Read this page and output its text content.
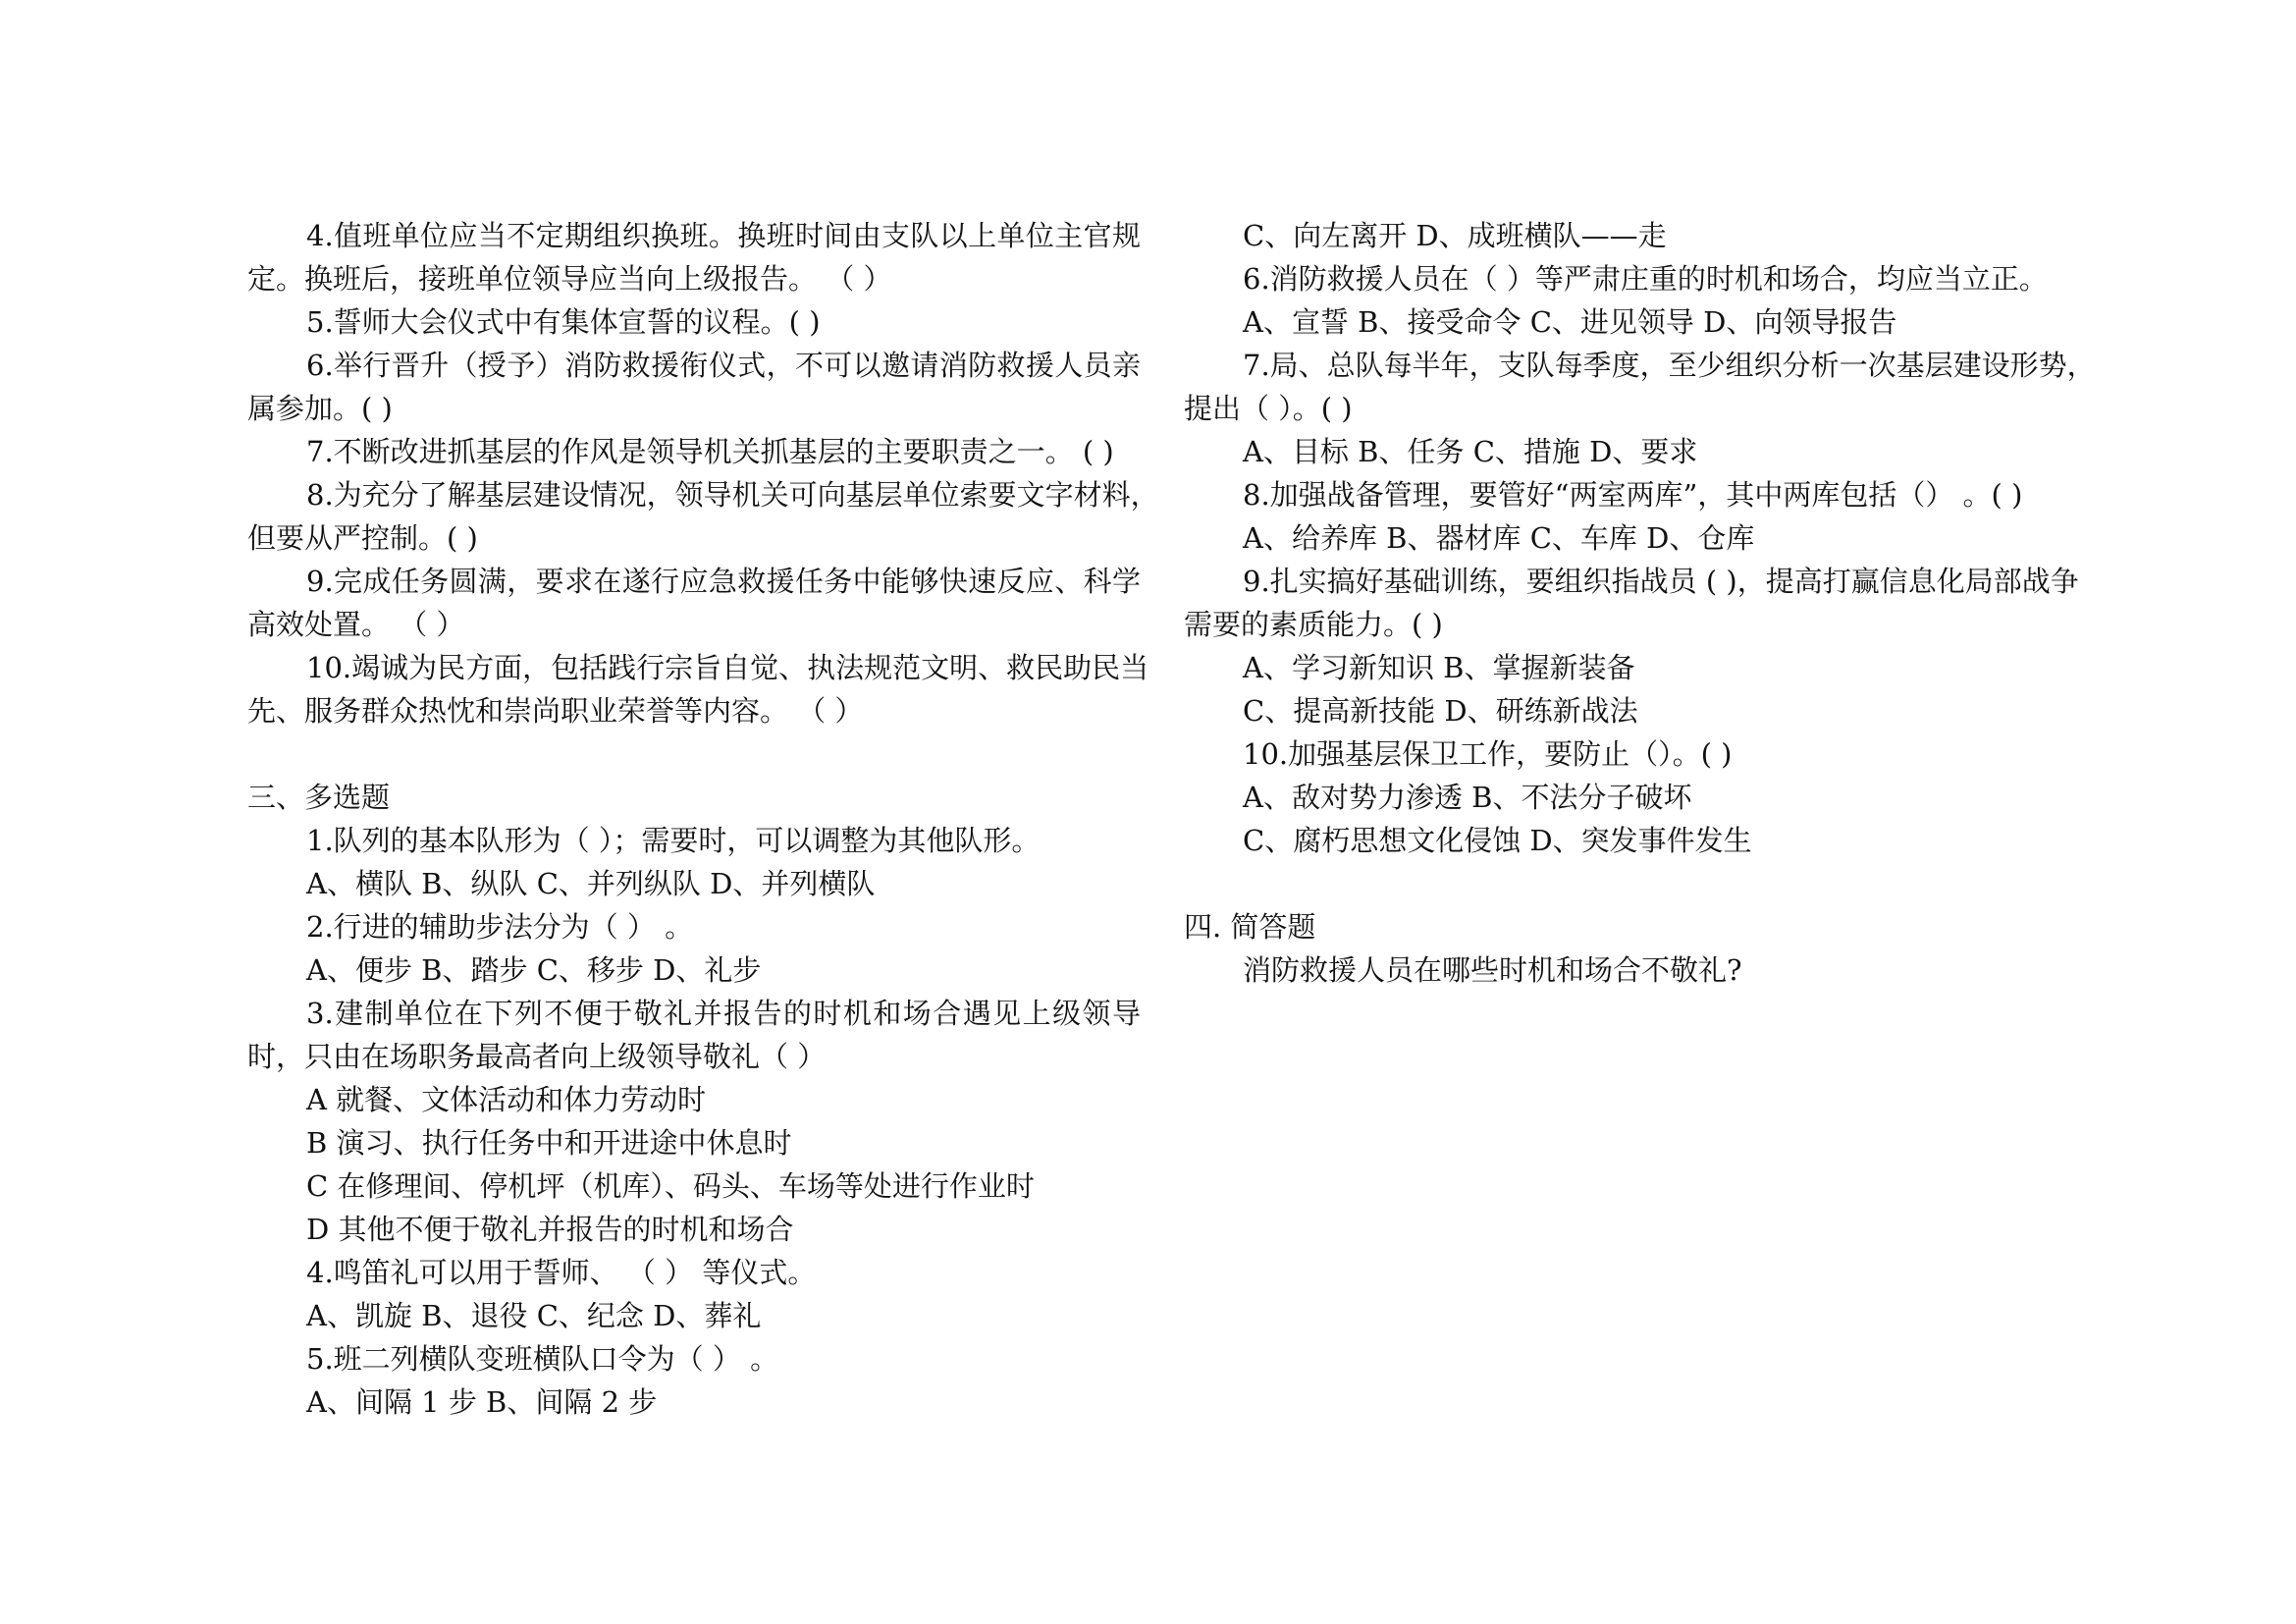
4.值班单位应当不定期组织换班。换班时间由支队以上单位主官规
定。换班后，接班单位领导应当向上级报告。 （ ）
5.誓师大会仪式中有集体宣誓的议程。( )
6.举行晋升（授予）消防救援衔仪式，不可以邀请消防救援人员亲
属参加。( )
7.不断改进抓基层的作风是领导机关抓基层的主要职责之一。 ( )
8.为充分了解基层建设情况，领导机关可向基层单位索要文字材料，
但要从严控制。( )
9.完成任务圆满，要求在遂行应急救援任务中能够快速反应、科学
高效处置。 （ ）
10.竭诚为民方面，包括践行宗旨自觉、执法规范文明、救民助民当
先、服务群众热忱和崇尚职业荣誉等内容。 （ ）
三、多选题
1.队列的基本队形为（ ）；需要时，可以调整为其他队形。
A、横队 B、纵队 C、并列纵队 D、并列横队
2.行进的辅助步法分为（ ） 。
A、便步 B、踏步 C、移步 D、礼步
3.建制单位在下列不便于敬礼并报告的时机和场合遇见上级领导
时，只由在场职务最高者向上级领导敬礼（ ）
A 就餐、文体活动和体力劳动时
B 演习、执行任务中和开进途中休息时
C 在修理间、停机坪（机库）、码头、车场等处进行作业时
D 其他不便于敬礼并报告的时机和场合
4.鸣笛礼可以用于誓师、 （ ） 等仪式。
A、凯旋 B、退役 C、纪念 D、葬礼
5.班二列横队变班横队口令为（ ） 。
A、间隔 1 步 B、间隔 2 步
C、向左离开 D、成班横队——走
6.消防救援人员在（ ）等严肃庄重的时机和场合，均应当立正。
A、宣誓 B、接受命令 C、进见领导 D、向领导报告
7.局、总队每半年，支队每季度，至少组织分析一次基层建设形势，
提出（ ）。( )
A、目标 B、任务 C、措施 D、要求
8.加强战备管理，要管好“两室两库”，其中两库包括（） 。( )
A、给养库 B、器材库 C、车库 D、仓库
9.扎实搞好基础训练，要组织指战员 ( )，提高打赢信息化局部战争
需要的素质能力。( )
A、学习新知识 B、掌握新装备
C、提高新技能 D、研练新战法
10.加强基层保卫工作，要防止（）。( )
A、敌对势力渗透 B、不法分子破坏
C、腐朽思想文化侵蚀 D、突发事件发生
四. 简答题
消防救援人员在哪些时机和场合不敬礼?
